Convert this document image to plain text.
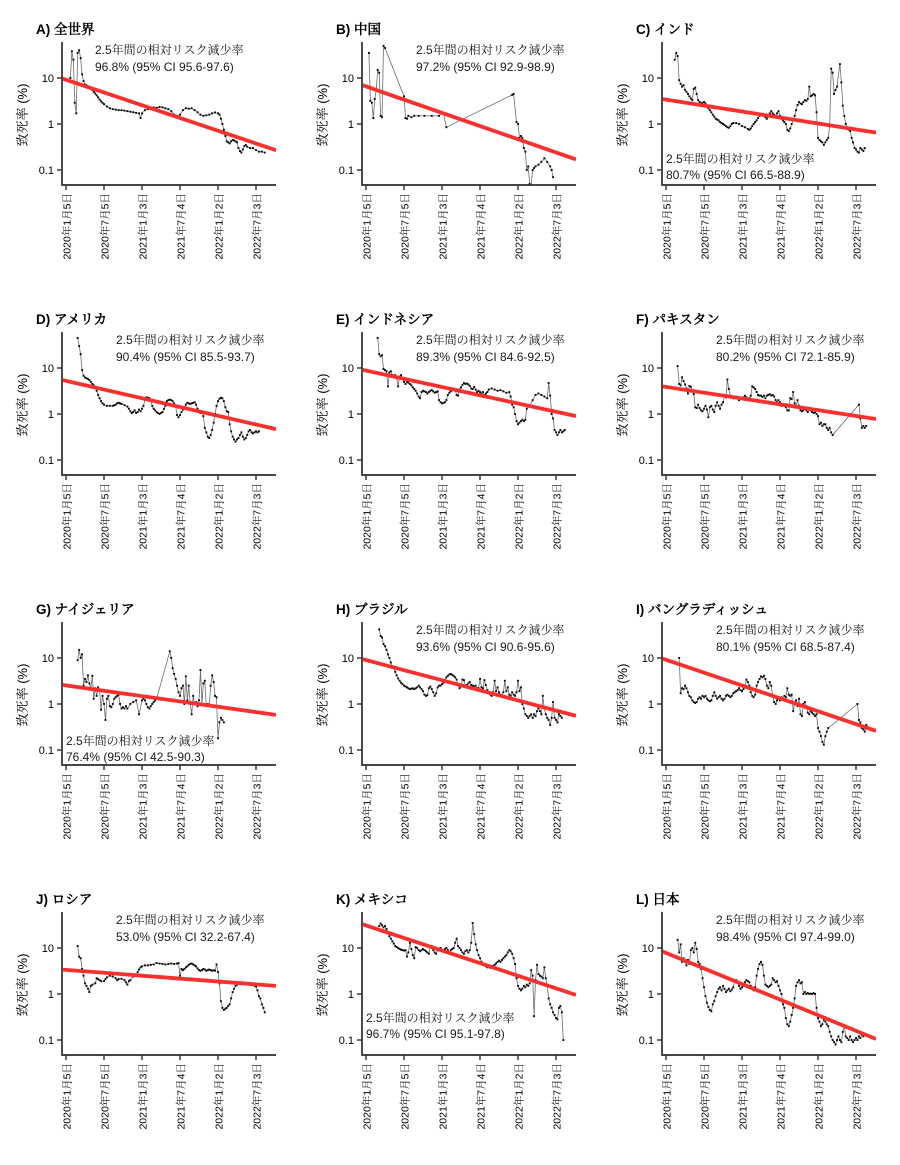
A) 全世界
致死率 (%)
10
1
0.1
2020年1月5日 2020年7月5日 2021年1月3日 2021年7月4日 2022年1月2日 2022年7月3日
2.5年間の相対リスク減少率
96.8% (95% CI 95.6-97.6)
B) 中国
致死率 (%)
10
1
0.1
2020年1月5日 2020年7月5日 2021年1月3日 2021年7月4日 2022年1月2日 2022年7月3日
2.5年間の相対リスク減少率
97.2% (95% CI 92.9-98.9)
C) インド
致死率 (%)
10
1
0.1
2020年1月5日 2020年7月5日 2021年1月3日 2021年7月4日 2022年1月2日 2022年7月3日
2.5年間の相対リスク減少率
80.7% (95% CI 66.5-88.9)
D) アメリカ
致死率 (%)
10
1
0.1
2020年1月5日 2020年7月5日 2021年1月3日 2021年7月4日 2022年1月2日 2022年7月3日
2.5年間の相対リスク減少率
90.4% (95% CI 85.5-93.7)
E) インドネシア
致死率 (%)
10
1
0.1
2020年1月5日 2020年7月5日 2021年1月3日 2021年7月4日 2022年1月2日 2022年7月3日
2.5年間の相対リスク減少率
89.3% (95% CI 84.6-92.5)
F) パキスタン
致死率 (%)
10
1
0.1
2020年1月5日 2020年7月5日 2021年1月3日 2021年7月4日 2022年1月2日 2022年7月3日
2.5年間の相対リスク減少率
80.2% (95% CI 72.1-85.9)
G) ナイジェリア
致死率 (%)
10
1
0.1
2020年1月5日 2020年7月5日 2021年1月3日 2021年7月4日 2022年1月2日 2022年7月3日
2.5年間の相対リスク減少率
76.4% (95% CI 42.5-90.3)
H) ブラジル
致死率 (%)
10
1
0.1
2020年1月5日 2020年7月5日 2021年1月3日 2021年7月4日 2022年1月2日 2022年7月3日
2.5年間の相対リスク減少率
93.6% (95% CI 90.6-95.6)
I) バングラディッシュ
致死率 (%)
10
1
0.1
2020年1月5日 2020年7月5日 2021年1月3日 2021年7月4日 2022年1月2日 2022年7月3日
2.5年間の相対リスク減少率
80.1% (95% CI 68.5-87.4)
J) ロシア
致死率 (%)
10
1
0.1
2020年1月5日 2020年7月5日 2021年1月3日 2021年7月4日 2022年1月2日 2022年7月3日
2.5年間の相対リスク減少率
53.0% (95% CI 32.2-67.4)
K) メキシコ
致死率 (%)
10
1
0.1
2020年1月5日 2020年7月5日 2021年1月3日 2021年7月4日 2022年1月2日 2022年7月3日
2.5年間の相対リスク減少率
96.7% (95% CI 95.1-97.8)
L) 日本
致死率 (%)
10
1
0.1
2020年1月5日 2020年7月5日 2021年1月3日 2021年7月4日 2022年1月2日 2022年7月3日
2.5年間の相対リスク減少率
98.4% (95% CI 97.4-99.0)
